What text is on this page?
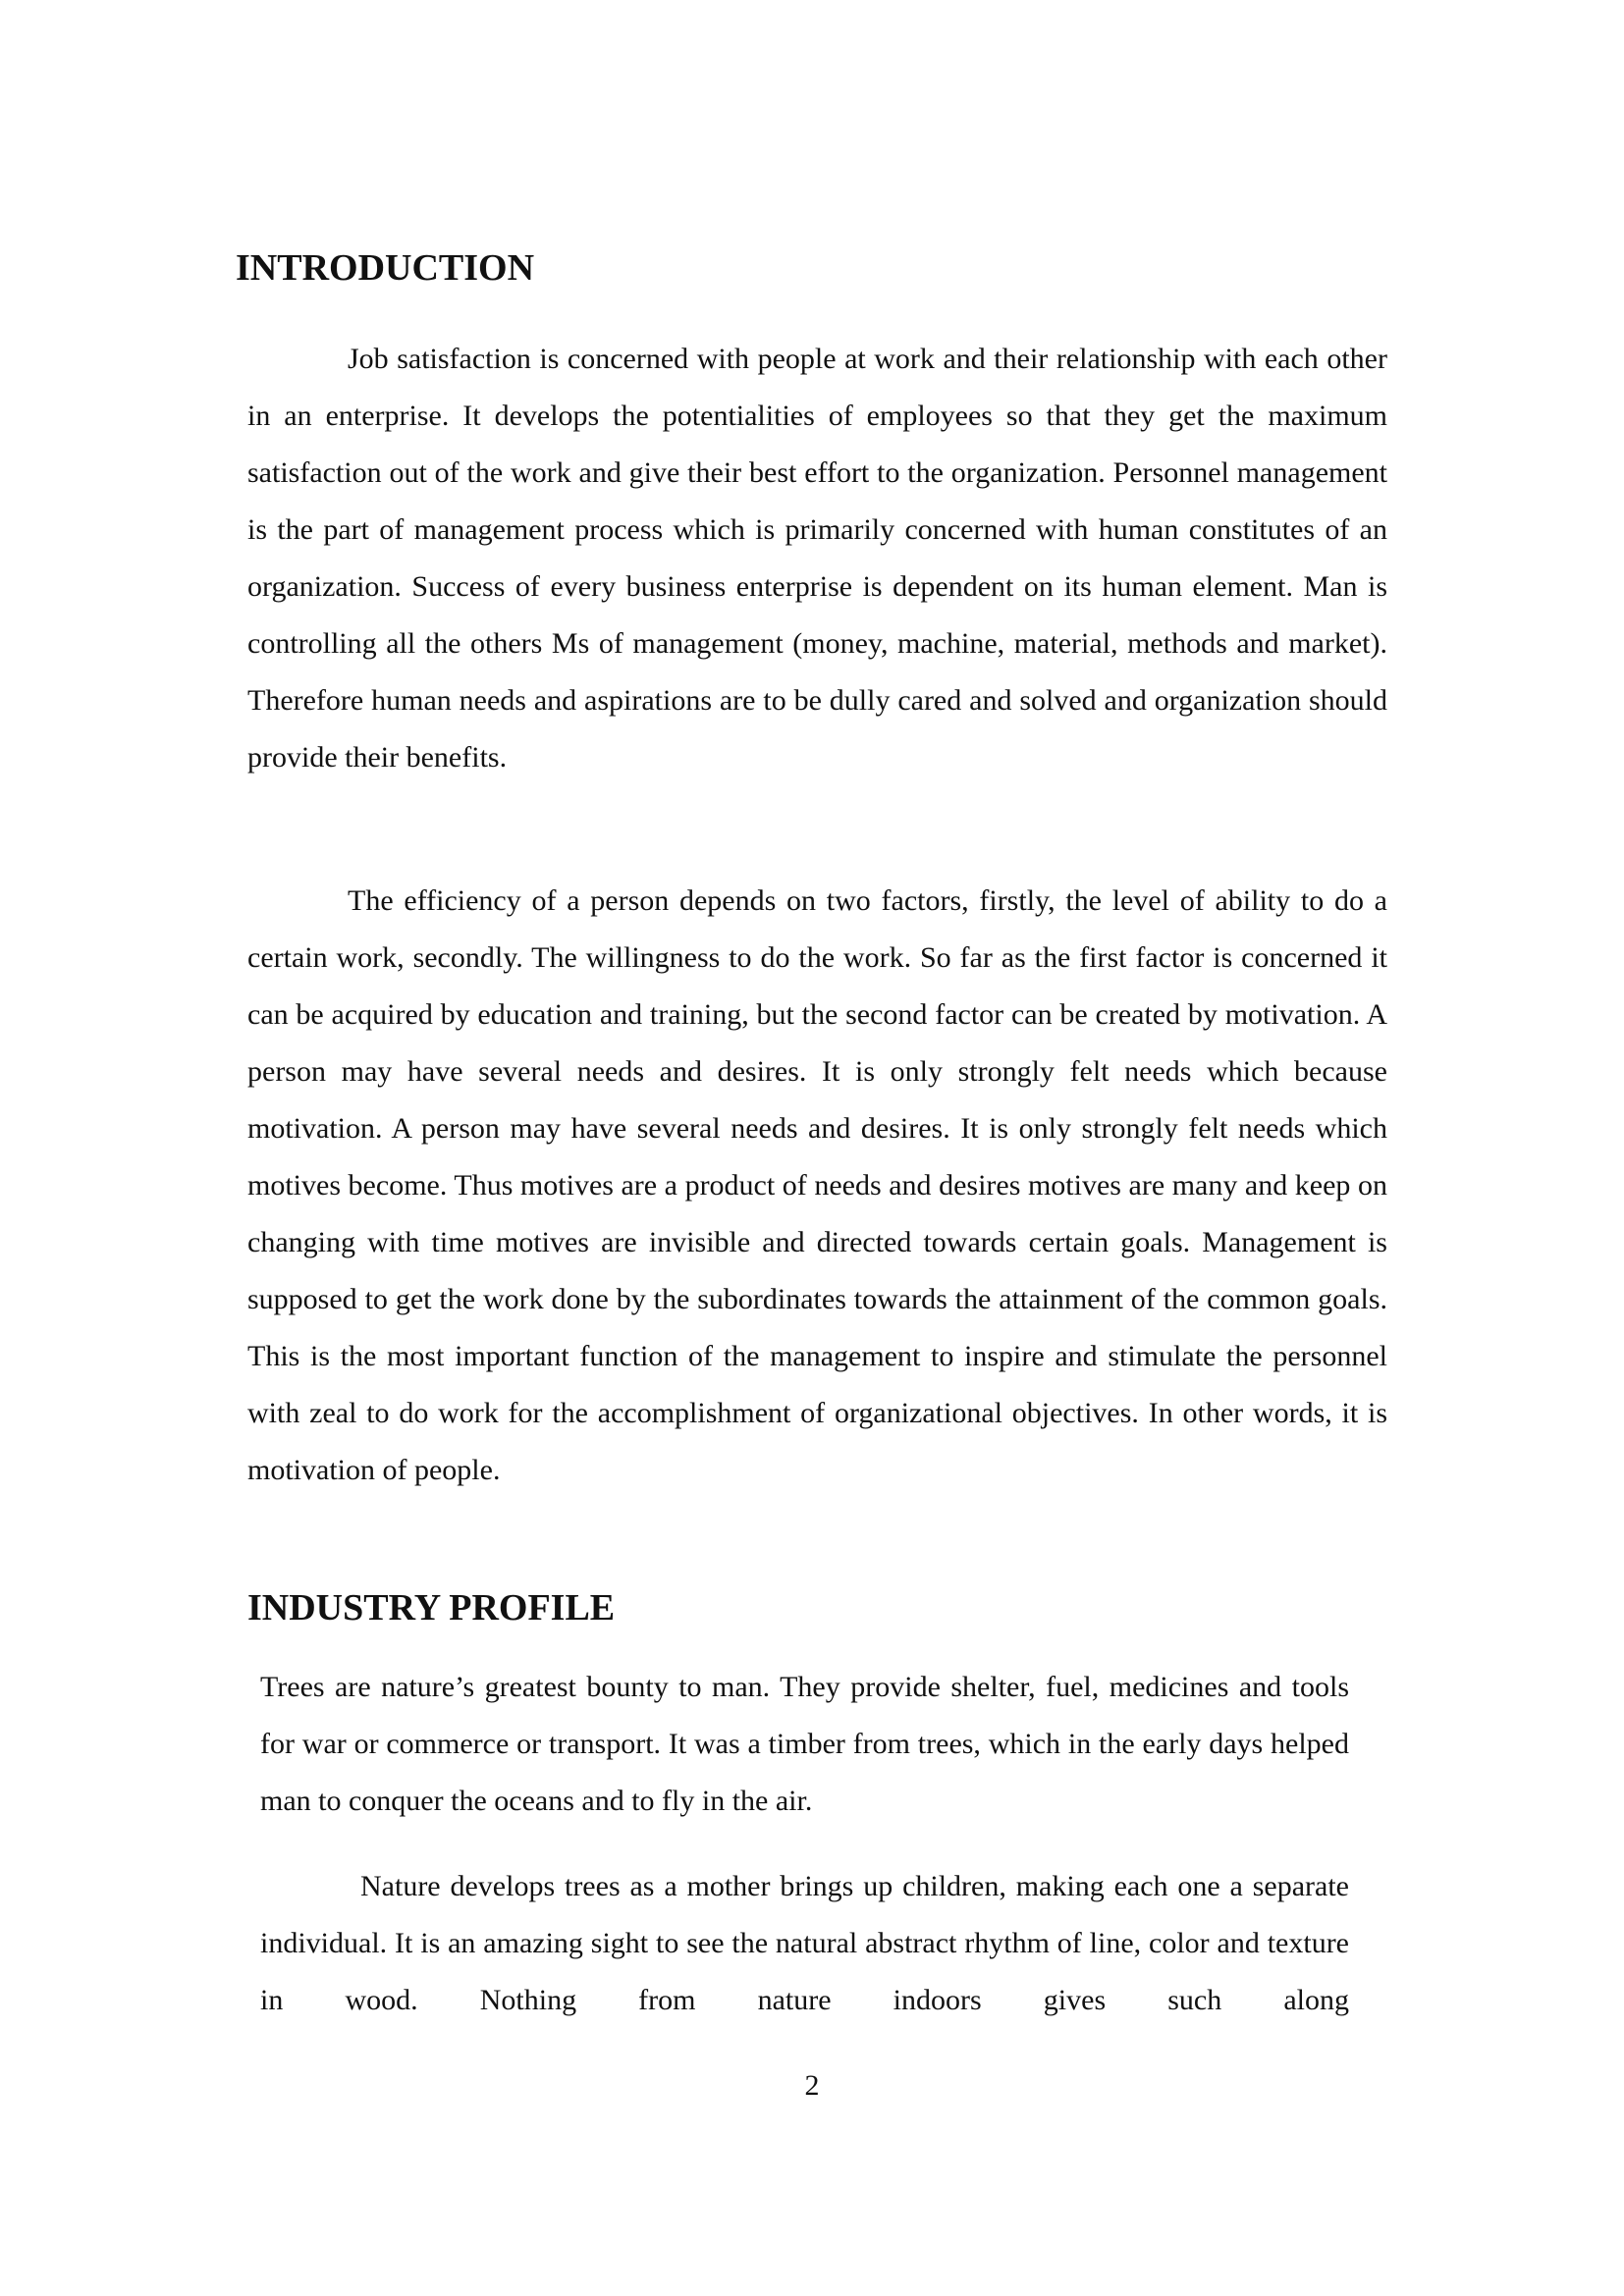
INTRODUCTION

Job satisfaction is concerned with people at work and their relationship with each other in an enterprise. It develops the potentialities of employees so that they get the maximum satisfaction out of the work and give their best effort to the organization. Personnel management is the part of management process which is primarily concerned with human constitutes of an organization. Success of every business enterprise is dependent on its human element. Man is controlling all the others Ms of management (money, machine, material, methods and market). Therefore human needs and aspirations are to be dully cared and solved and organization should provide their benefits.

The efficiency of a person depends on two factors, firstly, the level of ability to do a certain work, secondly. The willingness to do the work. So far as the first factor is concerned it can be acquired by education and training, but the second factor can be created by motivation. A person may have several needs and desires. It is only strongly felt needs which because motivation. A person may have several needs and desires. It is only strongly felt needs which motives become. Thus motives are a product of needs and desires motives are many and keep on changing with time motives are invisible and directed towards certain goals. Management is supposed to get the work done by the subordinates towards the attainment of the common goals. This is the most important function of the management to inspire and stimulate the personnel with zeal to do work for the accomplishment of organizational objectives. In other words, it is motivation of people.

INDUSTRY PROFILE

Trees are nature’s greatest bounty to man. They provide shelter, fuel, medicines and tools for war or commerce or transport. It was a timber from trees, which in the early days helped man to conquer the oceans and to fly in the air.

Nature develops trees as a mother brings up children, making each one a separate individual. It is an amazing sight to see the natural abstract rhythm of line, color and texture in wood. Nothing from nature indoors gives such along

2
